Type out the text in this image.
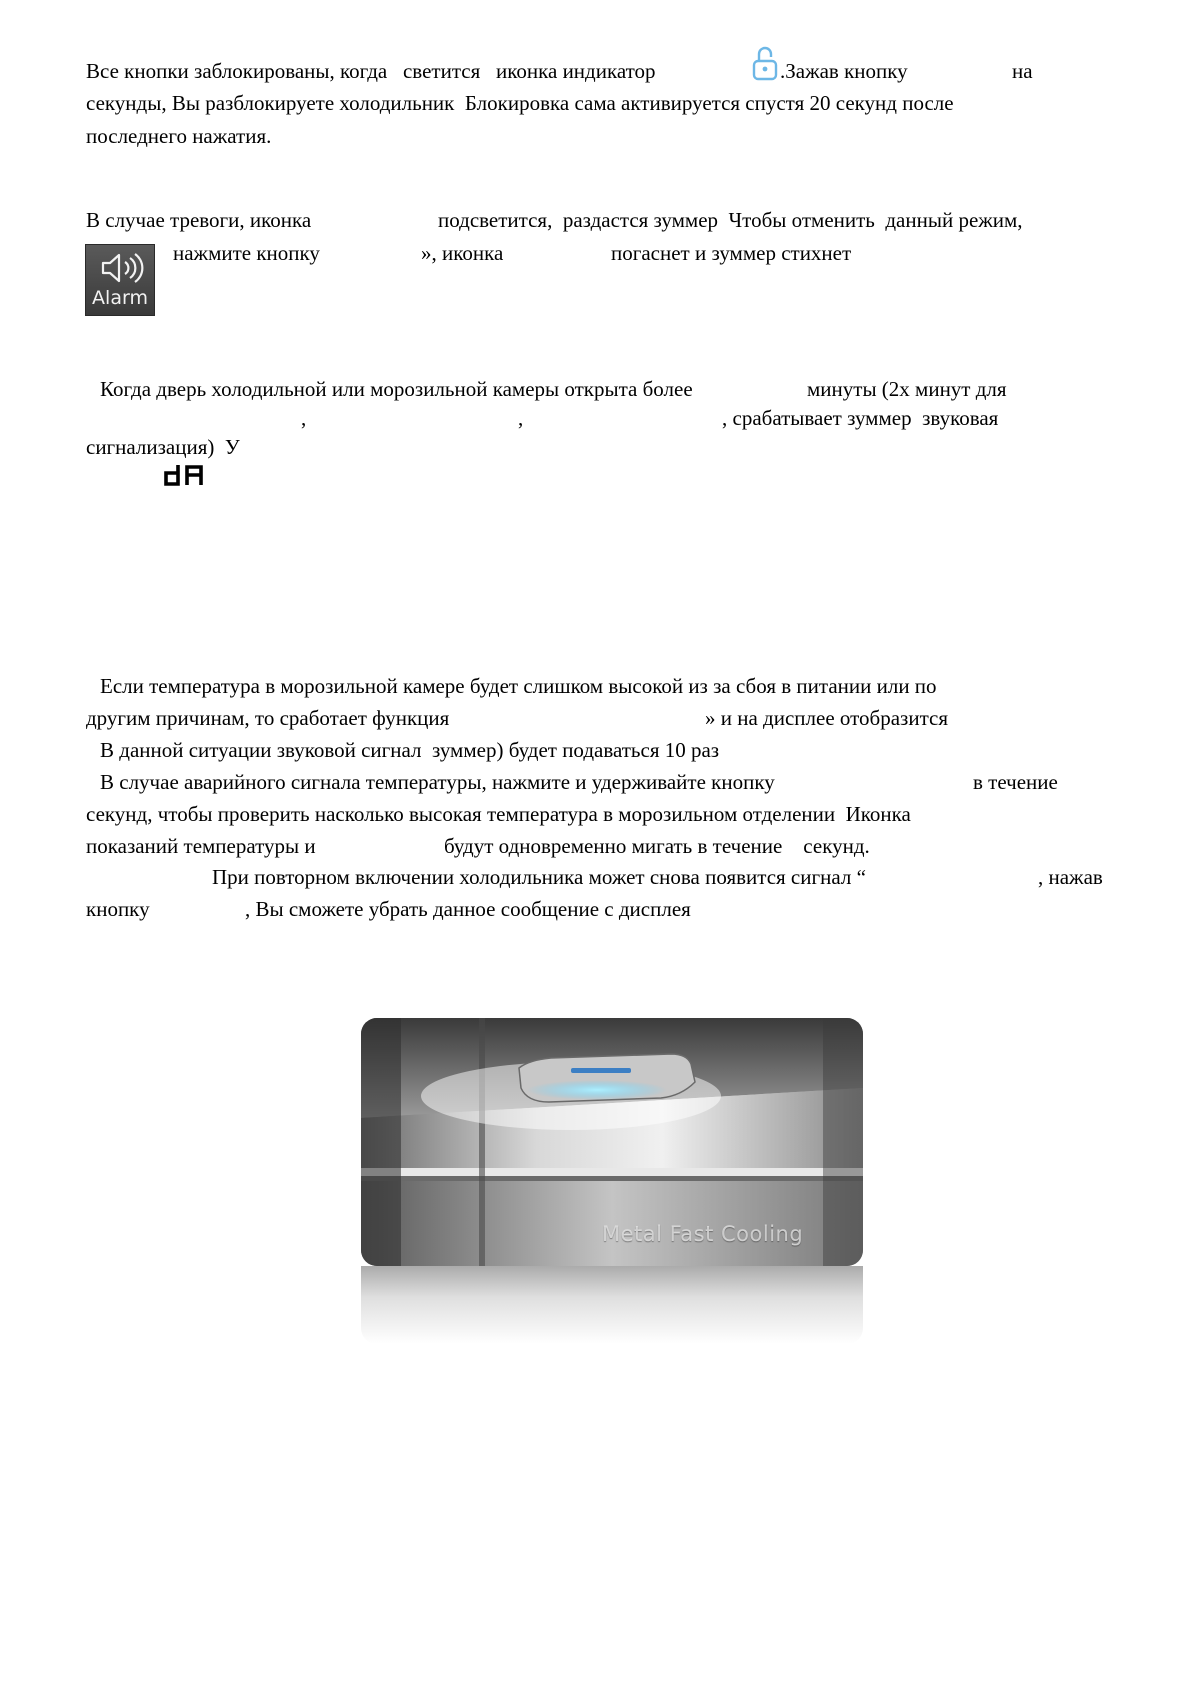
Все кнопки заблокированы, когда   светится   иконка индикатор	.Зажав кнопку	на
секунды, Вы разблокируете холодильник  Блокировка сама активируется спустя 20 секунд после
последнего нажатия.
В случае тревоги, иконка	подсветится,  раздастся зуммер  Чтобы отменить  данный режим,
Alarm
нажмите кнопку	», иконка	погаснет и зуммер стихнет
Когда дверь холодильной или морозильной камеры открыта более	минуты (2х минут для
,	,	, срабатывает зуммер  звуковая
сигнализация)  У
Если температура в морозильной камере будет слишком высокой из за сбоя в питании или по
другим причинам, то сработает функция	» и на дисплее отобразится
В данной ситуации звуковой сигнал  зуммер) будет подаваться 10 раз
В случае аварийного сигнала температуры, нажмите и удерживайте кнопку	в течение
секунд, чтобы проверить насколько высокая температура в морозильном отделении  Иконка
показаний температуры и	будут одновременно мигать в течение    секунд.
При повторном включении холодильника может снова появится сигнал “	, нажав
кнопку	, Вы сможете убрать данное сообщение с дисплея
Metal Fast Cooling
